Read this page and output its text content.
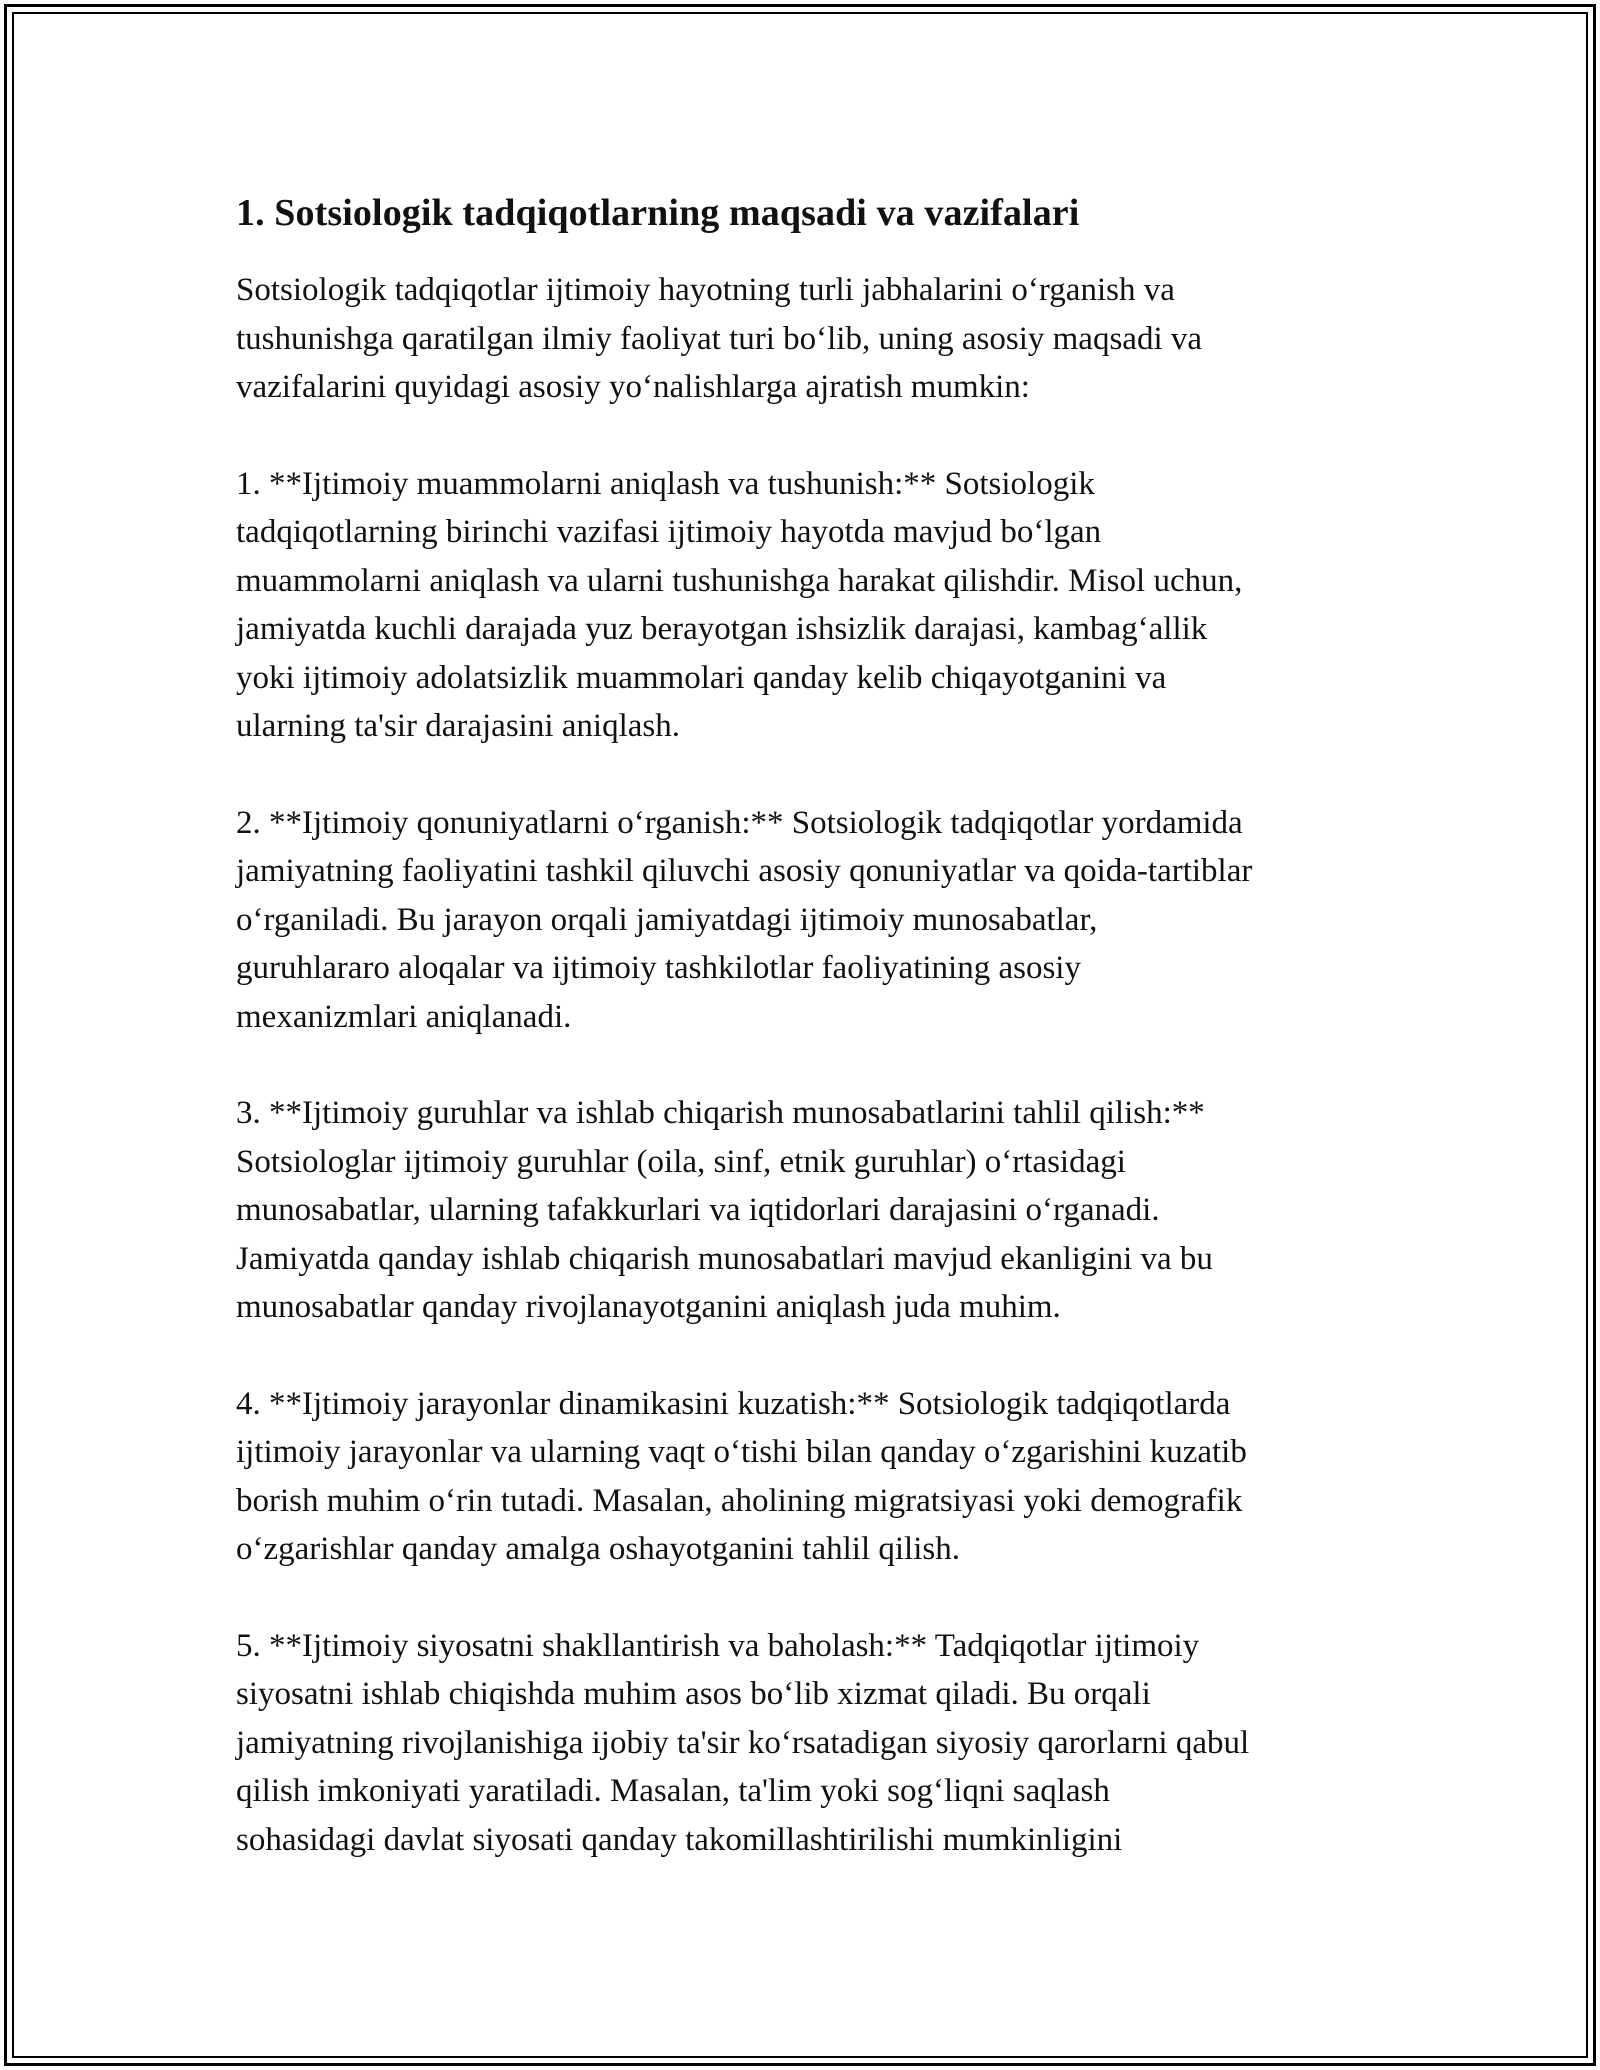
1. Sotsiologik tadqiqotlarning maqsadi va vazifalari

Sotsiologik tadqiqotlar ijtimoiy hayotning turli jabhalarini o‘rganish va
tushunishga qaratilgan ilmiy faoliyat turi bo‘lib, uning asosiy maqsadi va
vazifalarini quyidagi asosiy yo‘nalishlarga ajratish mumkin:

1. **Ijtimoiy muammolarni aniqlash va tushunish:** Sotsiologik
tadqiqotlarning birinchi vazifasi ijtimoiy hayotda mavjud bo‘lgan
muammolarni aniqlash va ularni tushunishga harakat qilishdir. Misol uchun,
jamiyatda kuchli darajada yuz berayotgan ishsizlik darajasi, kambag‘allik
yoki ijtimoiy adolatsizlik muammolari qanday kelib chiqayotganini va
ularning ta'sir darajasini aniqlash.

2. **Ijtimoiy qonuniyatlarni o‘rganish:** Sotsiologik tadqiqotlar yordamida
jamiyatning faoliyatini tashkil qiluvchi asosiy qonuniyatlar va qoida-tartiblar
o‘rganiladi. Bu jarayon orqali jamiyatdagi ijtimoiy munosabatlar,
guruhlararo aloqalar va ijtimoiy tashkilotlar faoliyatining asosiy
mexanizmlari aniqlanadi.

3. **Ijtimoiy guruhlar va ishlab chiqarish munosabatlarini tahlil qilish:**
Sotsiologlar ijtimoiy guruhlar (oila, sinf, etnik guruhlar) o‘rtasidagi
munosabatlar, ularning tafakkurlari va iqtidorlari darajasini o‘rganadi.
Jamiyatda qanday ishlab chiqarish munosabatlari mavjud ekanligini va bu
munosabatlar qanday rivojlanayotganini aniqlash juda muhim.

4. **Ijtimoiy jarayonlar dinamikasini kuzatish:** Sotsiologik tadqiqotlarda
ijtimoiy jarayonlar va ularning vaqt o‘tishi bilan qanday o‘zgarishini kuzatib
borish muhim o‘rin tutadi. Masalan, aholining migratsiyasi yoki demografik
o‘zgarishlar qanday amalga oshayotganini tahlil qilish.

5. **Ijtimoiy siyosatni shakllantirish va baholash:** Tadqiqotlar ijtimoiy
siyosatni ishlab chiqishda muhim asos bo‘lib xizmat qiladi. Bu orqali
jamiyatning rivojlanishiga ijobiy ta'sir ko‘rsatadigan siyosiy qarorlarni qabul
qilish imkoniyati yaratiladi. Masalan, ta'lim yoki sog‘liqni saqlash
sohasidagi davlat siyosati qanday takomillashtirilishi mumkinligini
